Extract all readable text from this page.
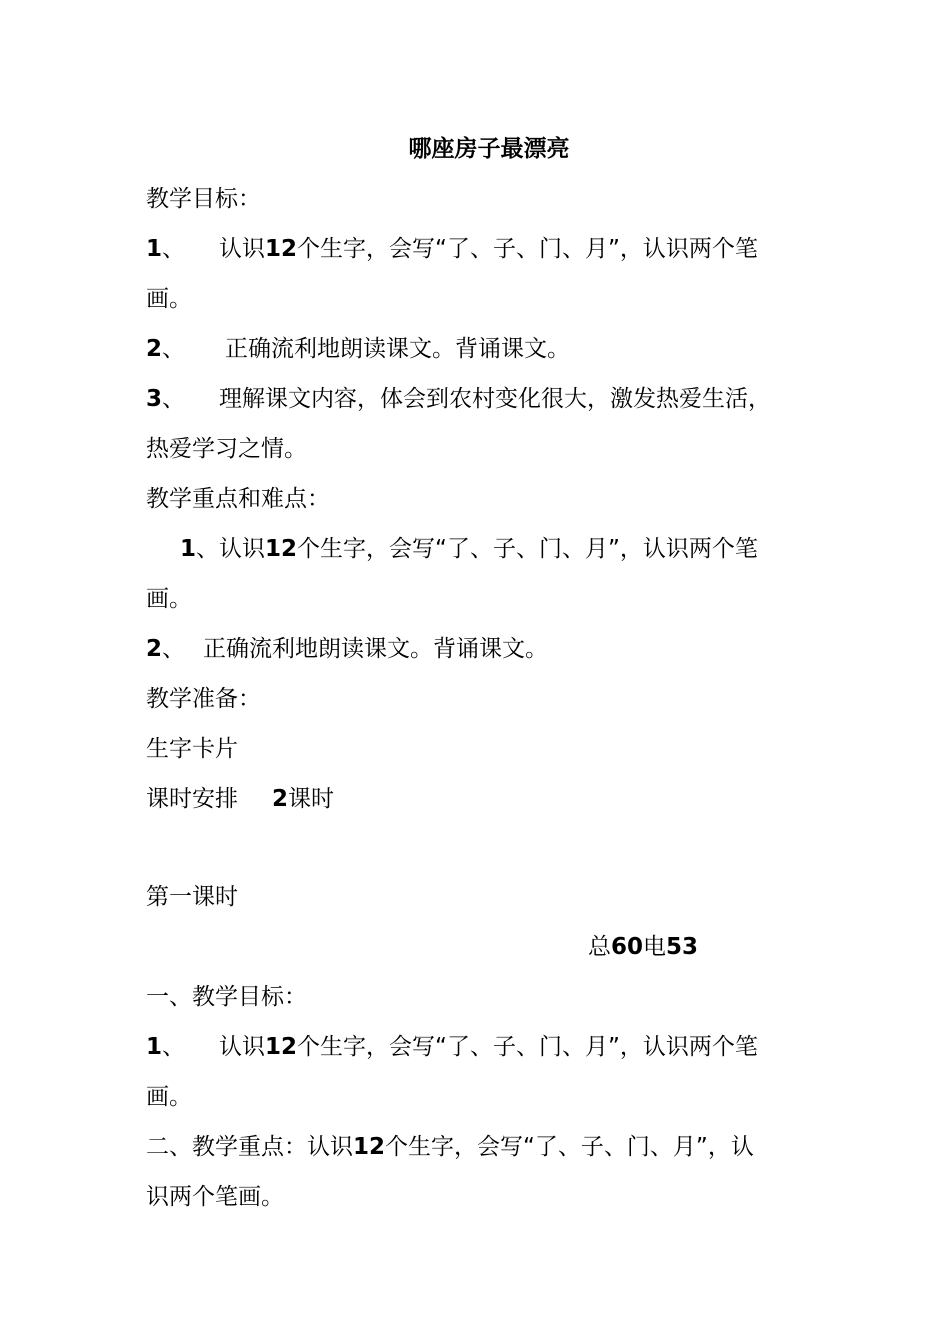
哪座房子最漂亮
教学目标：
1、 认识12个生字，会写“了、子、门、月”，认识两个笔
画。
2、 正确流利地朗读课文。背诵课文。
3、 理解课文内容，体会到农村变化很大，激发热爱生活，
热爱学习之情。
教学重点和难点：
1、认识12个生字，会写“了、子、门、月”，认识两个笔
画。
2、 正确流利地朗读课文。背诵课文。
教学准备：
生字卡片
课时安排 2课时
第一课时
总60电53
一、教学目标：
1、 认识12个生字，会写“了、子、门、月”，认识两个笔
画。
二、教学重点：认识12个生字，会写“了、子、门、月”，认
识两个笔画。
